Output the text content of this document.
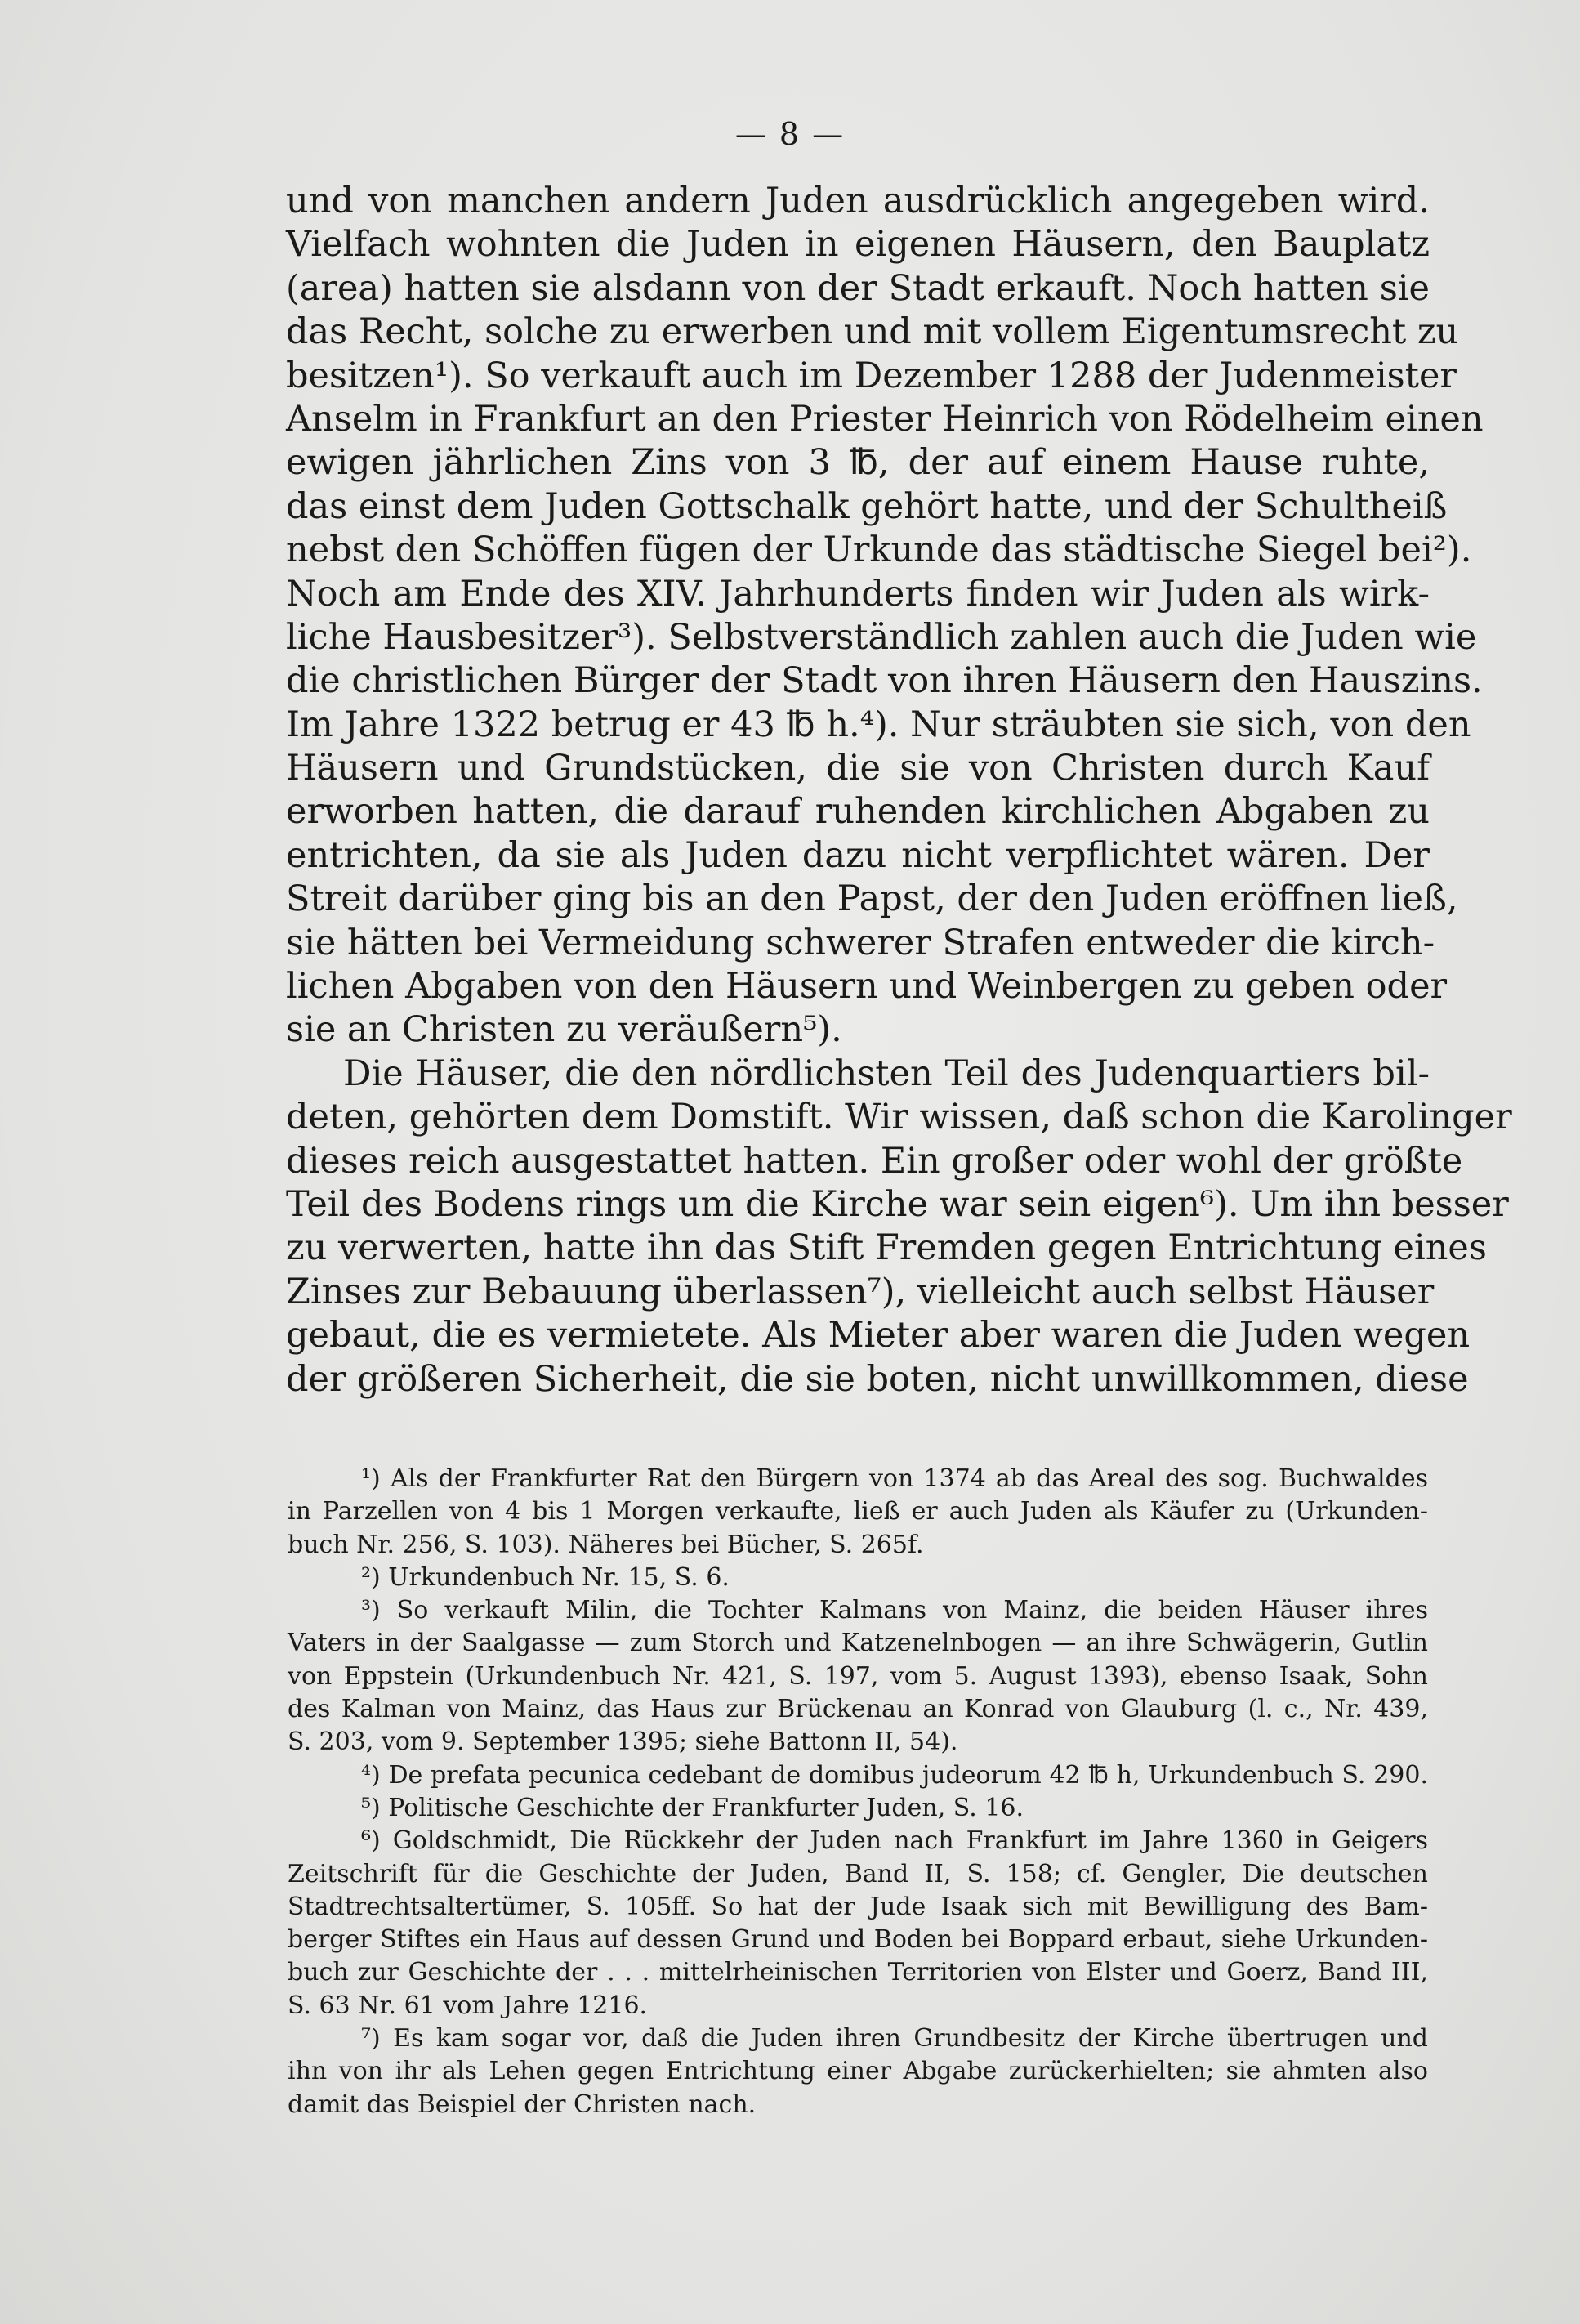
— 8 —
und von manchen andern Juden ausdrücklich angegeben wird.
Vielfach wohnten die Juden in eigenen Häusern, den Bauplatz
(area) hatten sie alsdann von der Stadt erkauft. Noch hatten sie
das Recht, solche zu erwerben und mit vollem Eigentumsrecht zu
besitzen¹). So verkauft auch im Dezember 1288 der Judenmeister
Anselm in Frankfurt an den Priester Heinrich von Rödelheim einen
ewigen jährlichen Zins von 3 ℔, der auf einem Hause ruhte,
das einst dem Juden Gottschalk gehört hatte, und der Schultheiß
nebst den Schöffen fügen der Urkunde das städtische Siegel bei²).
Noch am Ende des XIV. Jahrhunderts finden wir Juden als wirk-
liche Hausbesitzer³). Selbstverständlich zahlen auch die Juden wie
die christlichen Bürger der Stadt von ihren Häusern den Hauszins.
Im Jahre 1322 betrug er 43 ℔ h.⁴). Nur sträubten sie sich, von den
Häusern und Grundstücken, die sie von Christen durch Kauf
erworben hatten, die darauf ruhenden kirchlichen Abgaben zu
entrichten, da sie als Juden dazu nicht verpflichtet wären. Der
Streit darüber ging bis an den Papst, der den Juden eröffnen ließ,
sie hätten bei Vermeidung schwerer Strafen entweder die kirch-
lichen Abgaben von den Häusern und Weinbergen zu geben oder
sie an Christen zu veräußern⁵).
Die Häuser, die den nördlichsten Teil des Judenquartiers bil-
deten, gehörten dem Domstift. Wir wissen, daß schon die Karolinger
dieses reich ausgestattet hatten. Ein großer oder wohl der größte
Teil des Bodens rings um die Kirche war sein eigen⁶). Um ihn besser
zu verwerten, hatte ihn das Stift Fremden gegen Entrichtung eines
Zinses zur Bebauung überlassen⁷), vielleicht auch selbst Häuser
gebaut, die es vermietete. Als Mieter aber waren die Juden wegen
der größeren Sicherheit, die sie boten, nicht unwillkommen, diese
¹) Als der Frankfurter Rat den Bürgern von 1374 ab das Areal des sog. Buchwaldes
in Parzellen von 4 bis 1 Morgen verkaufte, ließ er auch Juden als Käufer zu (Urkunden-
buch Nr. 256, S. 103). Näheres bei Bücher, S. 265f.
²) Urkundenbuch Nr. 15, S. 6.
³) So verkauft Milin, die Tochter Kalmans von Mainz, die beiden Häuser ihres
Vaters in der Saalgasse — zum Storch und Katzenelnbogen — an ihre Schwägerin, Gutlin
von Eppstein (Urkundenbuch Nr. 421, S. 197, vom 5. August 1393), ebenso Isaak, Sohn
des Kalman von Mainz, das Haus zur Brückenau an Konrad von Glauburg (l. c., Nr. 439,
S. 203, vom 9. September 1395; siehe Battonn II, 54).
⁴) De prefata pecunica cedebant de domibus judeorum 42 ℔ h, Urkundenbuch S. 290.
⁵) Politische Geschichte der Frankfurter Juden, S. 16.
⁶) Goldschmidt, Die Rückkehr der Juden nach Frankfurt im Jahre 1360 in Geigers
Zeitschrift für die Geschichte der Juden, Band II, S. 158; cf. Gengler, Die deutschen
Stadtrechtsaltertümer, S. 105ff. So hat der Jude Isaak sich mit Bewilligung des Bam-
berger Stiftes ein Haus auf dessen Grund und Boden bei Boppard erbaut, siehe Urkunden-
buch zur Geschichte der . . . mittelrheinischen Territorien von Elster und Goerz, Band III,
S. 63 Nr. 61 vom Jahre 1216.
⁷) Es kam sogar vor, daß die Juden ihren Grundbesitz der Kirche übertrugen und
ihn von ihr als Lehen gegen Entrichtung einer Abgabe zurückerhielten; sie ahmten also
damit das Beispiel der Christen nach.
